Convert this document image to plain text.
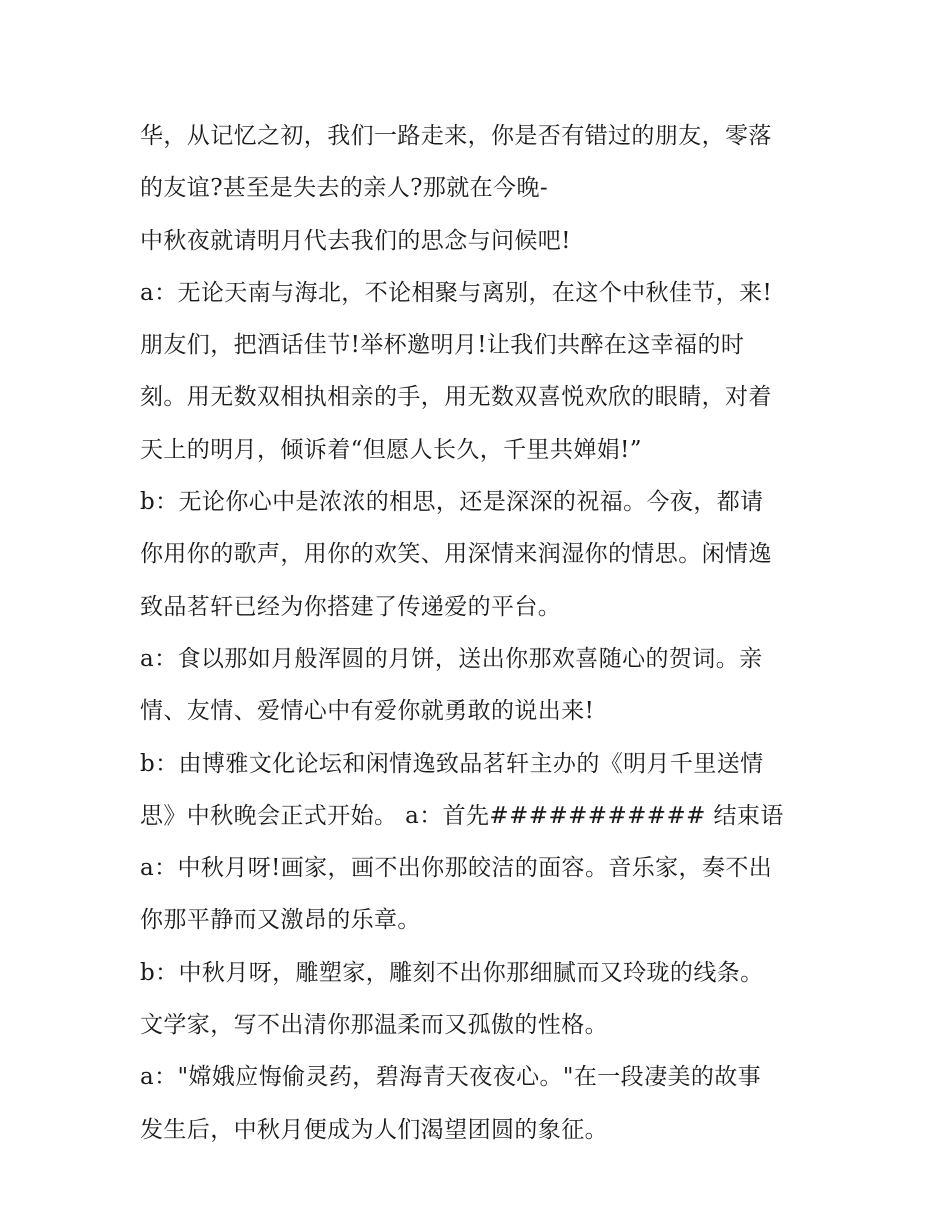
华，从记忆之初，我们一路走来，你是否有错过的朋友，零落
的友谊?甚至是失去的亲人?那就在今晚-
中秋夜就请明月代去我们的思念与问候吧!
a：无论天南与海北，不论相聚与离别，在这个中秋佳节，来!
朋友们，把酒话佳节!举杯邀明月!让我们共醉在这幸福的时
刻。用无数双相执相亲的手，用无数双喜悦欢欣的眼睛，对着
天上的明月，倾诉着“但愿人长久，千里共婵娟!”
b：无论你心中是浓浓的相思，还是深深的祝福。今夜，都请
你用你的歌声，用你的欢笑、用深情来润湿你的情思。闲情逸
致品茗轩已经为你搭建了传递爱的平台。
a：食以那如月般浑圆的月饼，送出你那欢喜随心的贺词。亲
情、友情、爱情心中有爱你就勇敢的说出来!
b：由博雅文化论坛和闲情逸致品茗轩主办的《明月千里送情
思》中秋晚会正式开始。 a：首先########### 结束语
a：中秋月呀!画家，画不出你那皎洁的面容。音乐家，奏不出
你那平静而又激昂的乐章。
b：中秋月呀，雕塑家，雕刻不出你那细腻而又玲珑的线条。
文学家，写不出清你那温柔而又孤傲的性格。
a："嫦娥应悔偷灵药，碧海青天夜夜心。"在一段凄美的故事
发生后，中秋月便成为人们渴望团圆的象征。
